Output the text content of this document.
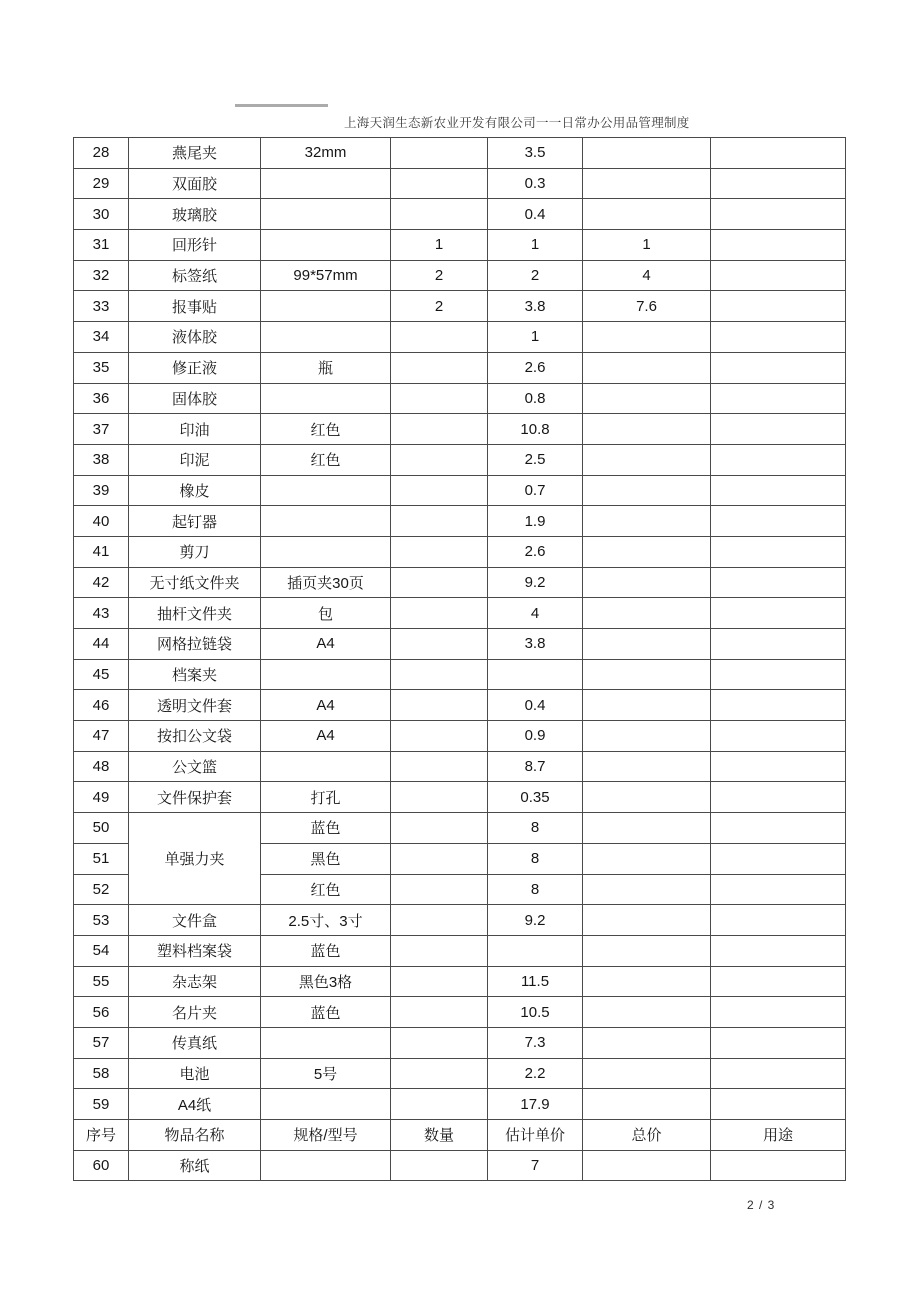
上海天润生态新农业开发有限公司一一日常办公用品管理制度
28	燕尾夹	32mm		3.5		
29	双面胶			0.3		
30	玻璃胶			0.4		
31	回形针		1	1	1	
32	标签纸	99*57mm	2	2	4	
33	报事贴		2	3.8	7.6	
34	液体胶			1		
35	修正液	瓶		2.6		
36	固体胶			0.8		
37	印油	红色		10.8		
38	印泥	红色		2.5		
39	橡皮			0.7		
40	起钉器			1.9		
41	剪刀			2.6		
42	无寸纸文件夹	插页夹30页		9.2		
43	抽杆文件夹	包		4		
44	网格拉链袋	A4		3.8		
45	档案夹					
46	透明文件套	A4		0.4		
47	按扣公文袋	A4		0.9		
48	公文篮			8.7		
49	文件保护套	打孔		0.35		
50	单强力夹	蓝色		8		
51		黑色		8		
52		红色		8		
53	文件盒	2.5寸、3寸		9.2		
54	塑料档案袋	蓝色				
55	杂志架	黑色3格		11.5		
56	名片夹	蓝色		10.5		
57	传真纸			7.3		
58	电池	5号		2.2		
59	A4纸			17.9		
序号	物品名称	规格/型号	数量	估计单价	总价	用途
60	称纸			7		
2 / 3
